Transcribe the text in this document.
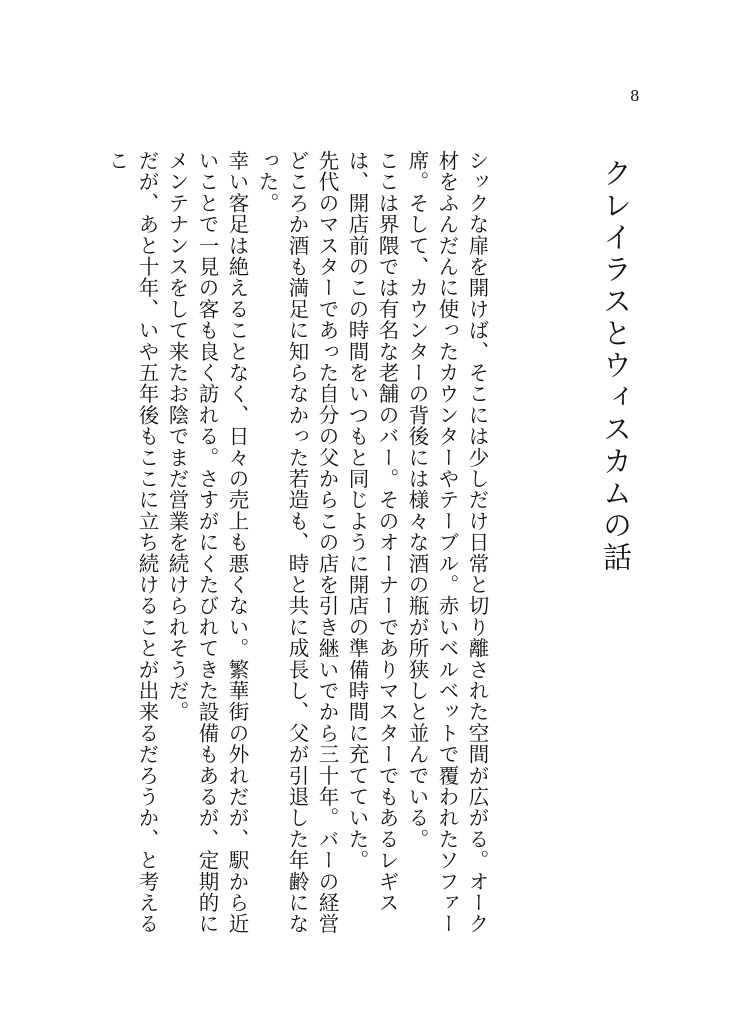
8
クレイラスとウィスカムの話

シックな扉を開けば、そこには少しだけ日常と切り離された空間が広がる。オーク材をふんだんに使ったカウンターやテーブル。赤いベルベットで覆われたソファー席。そして、カウンターの背後には様々な酒の瓶が所狭しと並んでいる。

ここは界隈では有名な老舗のバー。そのオーナーでありマスターでもあるレギスは、開店前のこの時間をいつもと同じように開店の準備時間に充てていた。

先代のマスターであった自分の父からこの店を引き継いでから三十年。バーの経営どころか酒も満足に知らなかった若造も、時と共に成長し、父が引退した年齢になった。

幸い客足は絶えることなく、日々の売上も悪くない。繁華街の外れだが、駅から近いことで一見の客も良く訪れる。さすがにくたびれてきた設備もあるが、定期的にメンテナンスをして来たお陰でまだ営業を続けられそうだ。

だが、あと十年、いや五年後もここに立ち続けることが出来るだろうか、と考えるこ
